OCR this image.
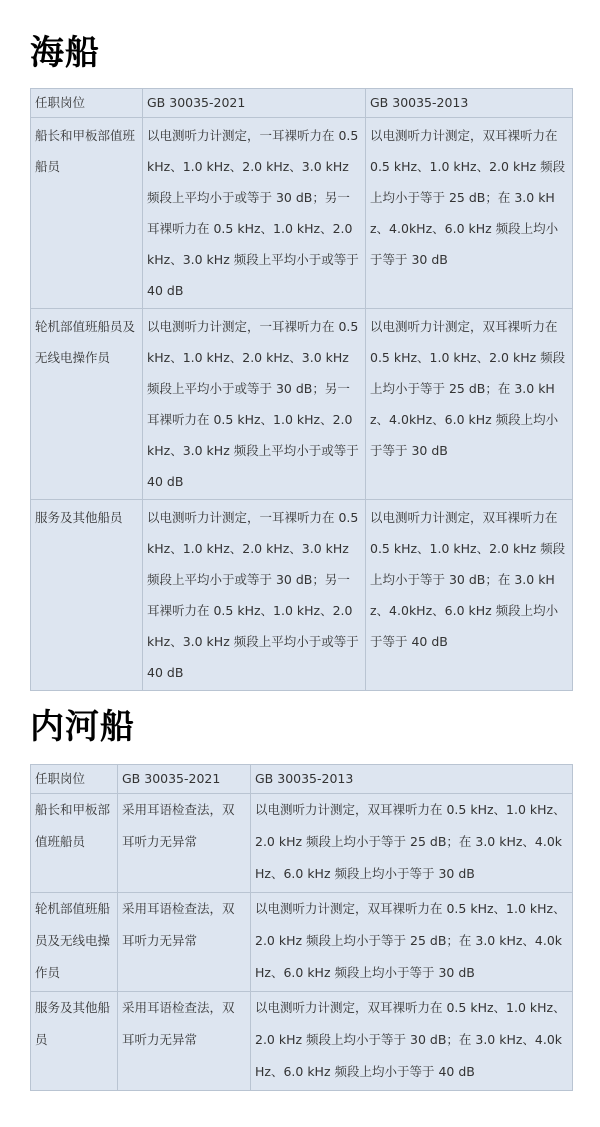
海船
任职岗位	GB 30035-2021	GB 30035-2013
船长和甲板部值班船员	以电测听力计测定，一耳裸听力在 0.5 kHz、1.0 kHz、2.0 kHz、3.0 kHz 频段上平均小于或等于 30 dB；另一耳裸听力在 0.5 kHz、1.0 kHz、2.0 kHz、3.0 kHz 频段上平均小于或等于 40 dB	以电测听力计测定，双耳裸听力在 0.5 kHz、1.0 kHz、2.0 kHz 频段上均小于等于 25 dB；在 3.0 kHz、4.0kHz、6.0 kHz 频段上均小于等于 30 dB
轮机部值班船员及无线电操作员	以电测听力计测定，一耳裸听力在 0.5 kHz、1.0 kHz、2.0 kHz、3.0 kHz 频段上平均小于或等于 30 dB；另一耳裸听力在 0.5 kHz、1.0 kHz、2.0 kHz、3.0 kHz 频段上平均小于或等于 40 dB	以电测听力计测定，双耳裸听力在 0.5 kHz、1.0 kHz、2.0 kHz 频段上均小于等于 25 dB；在 3.0 kHz、4.0kHz、6.0 kHz 频段上均小于等于 30 dB
服务及其他船员	以电测听力计测定，一耳裸听力在 0.5 kHz、1.0 kHz、2.0 kHz、3.0 kHz 频段上平均小于或等于 30 dB；另一耳裸听力在 0.5 kHz、1.0 kHz、2.0 kHz、3.0 kHz 频段上平均小于或等于 40 dB	以电测听力计测定，双耳裸听力在 0.5 kHz、1.0 kHz、2.0 kHz 频段上均小于等于 30 dB；在 3.0 kHz、4.0kHz、6.0 kHz 频段上均小于等于 40 dB
内河船
任职岗位	GB 30035-2021	GB 30035-2013
船长和甲板部值班船员	采用耳语检查法，双耳听力无异常	以电测听力计测定，双耳裸听力在 0.5 kHz、1.0 kHz、2.0 kHz 频段上均小于等于 25 dB；在 3.0 kHz、4.0kHz、6.0 kHz 频段上均小于等于 30 dB
轮机部值班船员及无线电操作员	采用耳语检查法，双耳听力无异常	以电测听力计测定，双耳裸听力在 0.5 kHz、1.0 kHz、2.0 kHz 频段上均小于等于 25 dB；在 3.0 kHz、4.0kHz、6.0 kHz 频段上均小于等于 30 dB
服务及其他船员	采用耳语检查法，双耳听力无异常	以电测听力计测定，双耳裸听力在 0.5 kHz、1.0 kHz、2.0 kHz 频段上均小于等于 30 dB；在 3.0 kHz、4.0kHz、6.0 kHz 频段上均小于等于 40 dB
